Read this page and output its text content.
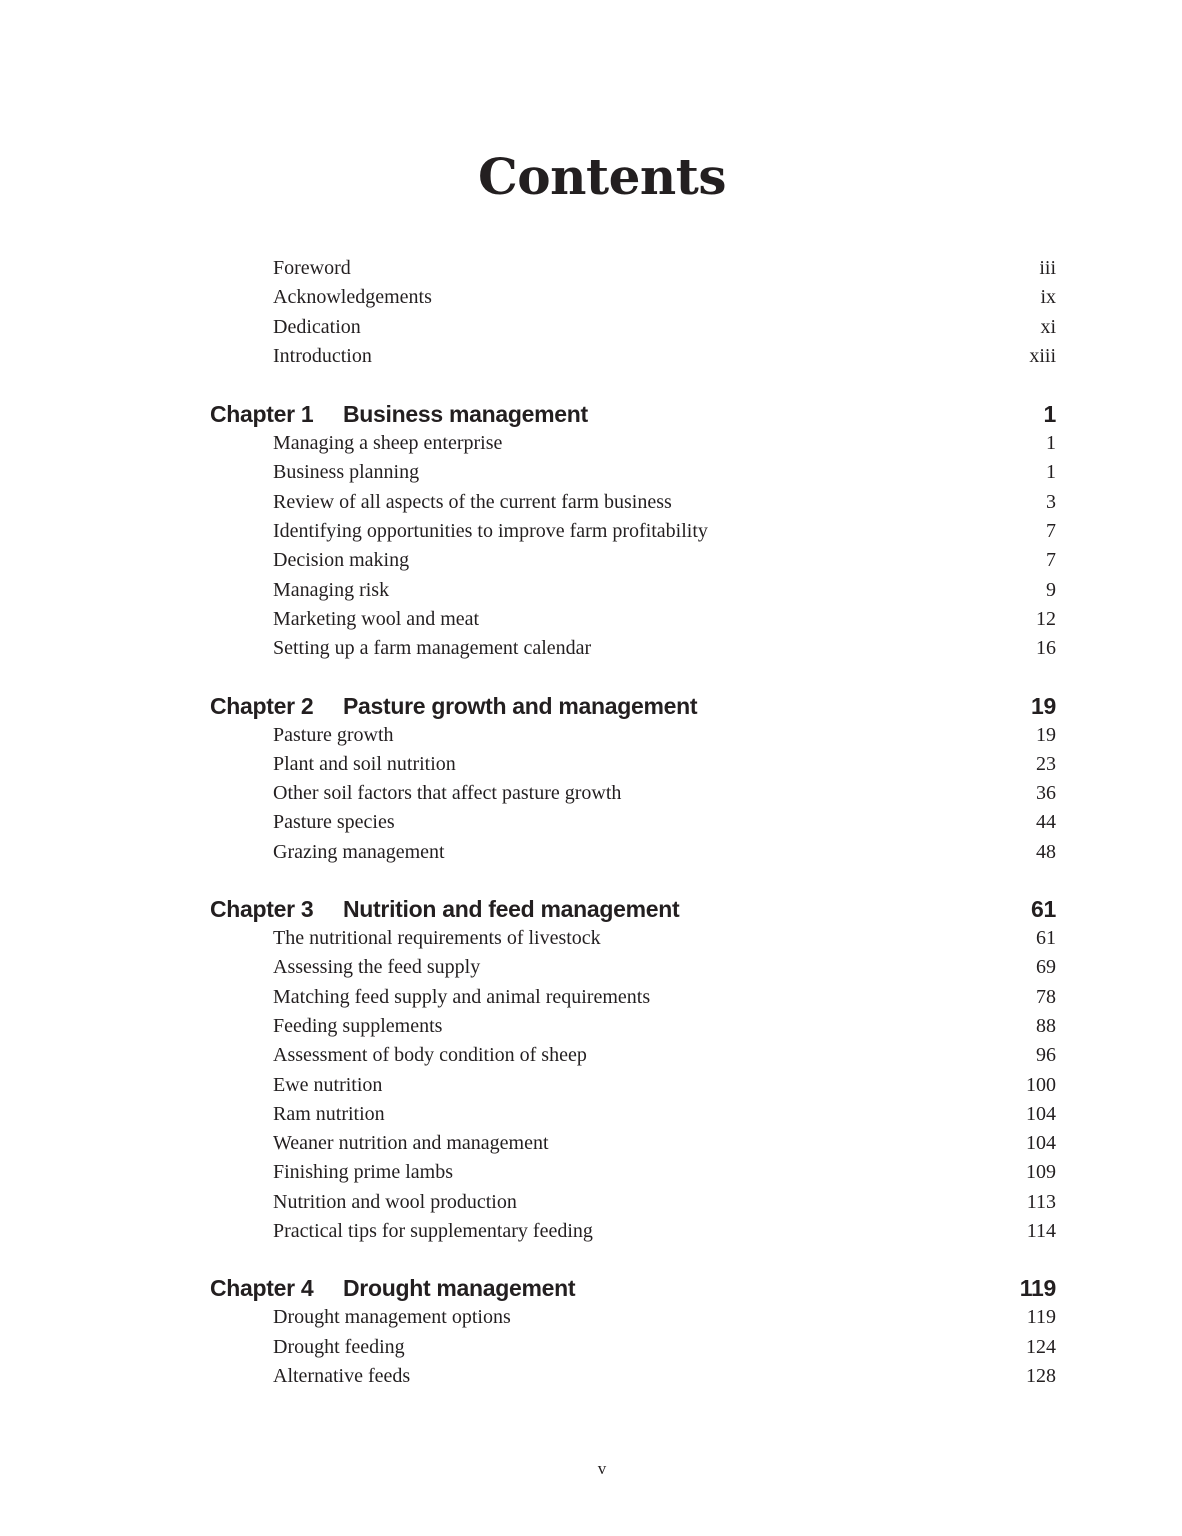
Contents
Foreword	iii
Acknowledgements	ix
Dedication	xi
Introduction	xiii
Chapter 1 Business management	1
Managing a sheep enterprise	1
Business planning	1
Review of all aspects of the current farm business	3
Identifying opportunities to improve farm profitability	7
Decision making	7
Managing risk	9
Marketing wool and meat	12
Setting up a farm management calendar	16
Chapter 2 Pasture growth and management	19
Pasture growth	19
Plant and soil nutrition	23
Other soil factors that affect pasture growth	36
Pasture species	44
Grazing management	48
Chapter 3 Nutrition and feed management	61
The nutritional requirements of livestock	61
Assessing the feed supply	69
Matching feed supply and animal requirements	78
Feeding supplements	88
Assessment of body condition of sheep	96
Ewe nutrition	100
Ram nutrition	104
Weaner nutrition and management	104
Finishing prime lambs	109
Nutrition and wool production	113
Practical tips for supplementary feeding	114
Chapter 4 Drought management	119
Drought management options	119
Drought feeding	124
Alternative feeds	128
v
